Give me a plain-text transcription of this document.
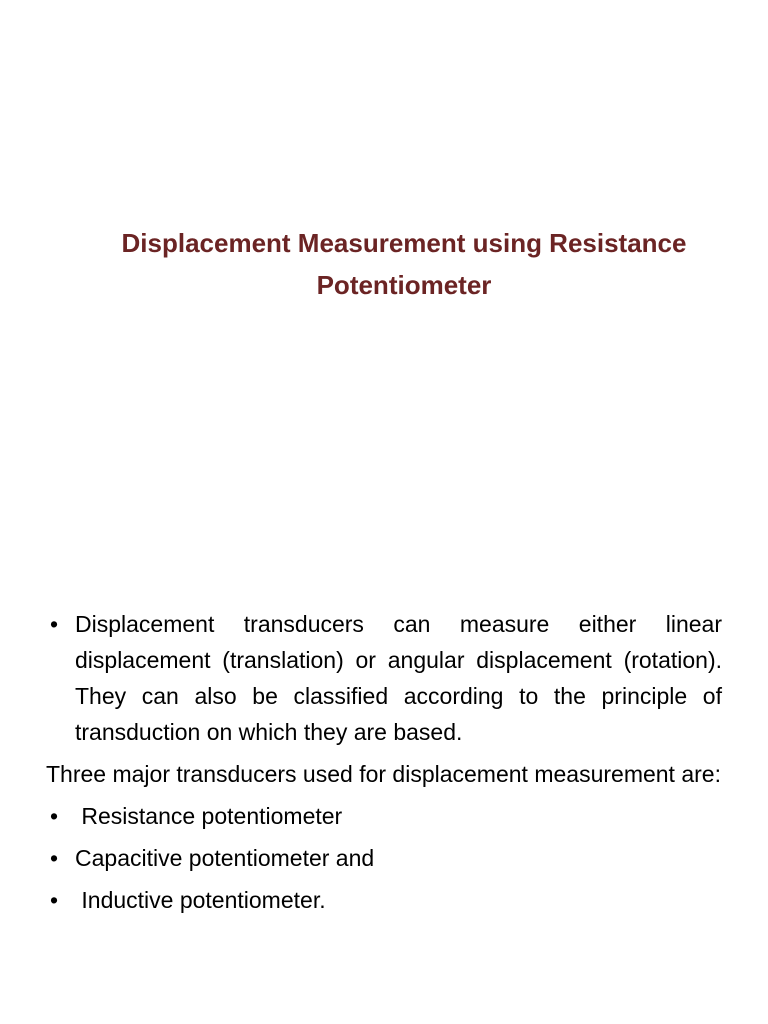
Displacement Measurement using Resistance Potentiometer

• Displacement transducers can measure either linear displacement (translation) or angular displacement (rotation). They can also be classified according to the principle of transduction on which they are based.

Three major transducers used for displacement measurement are:

• Resistance potentiometer
• Capacitive potentiometer and
• Inductive potentiometer.
